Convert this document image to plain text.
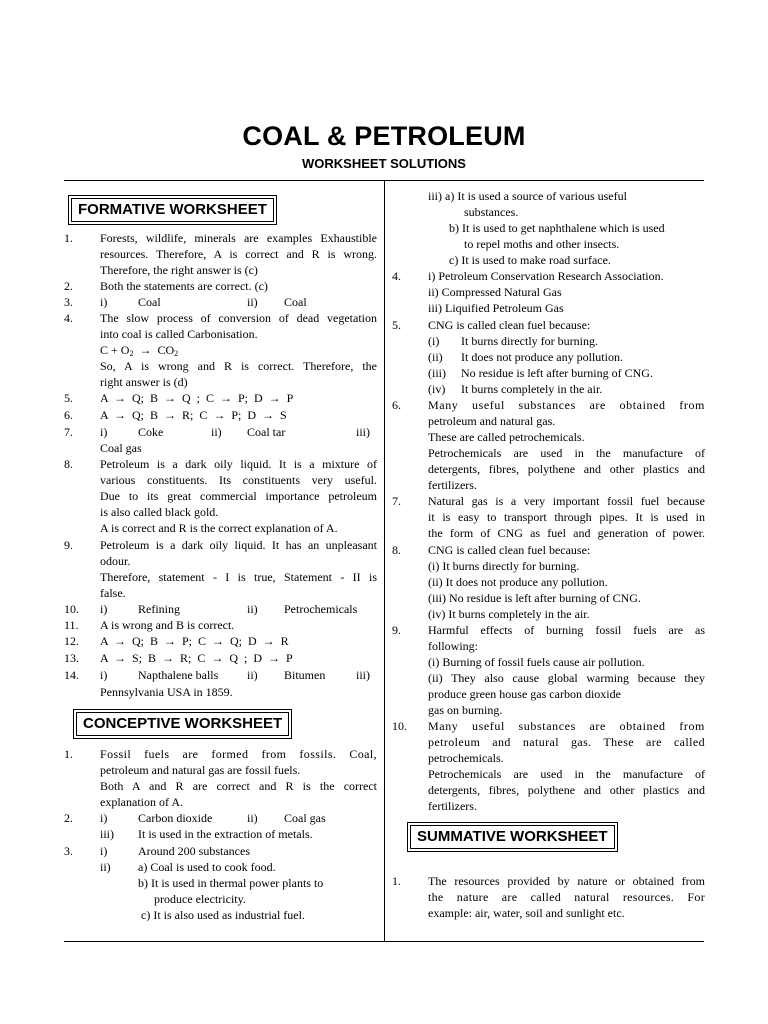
COAL & PETROLEUM
WORKSHEET SOLUTIONS
FORMATIVE WORKSHEET
1. Forests, wildlife, minerals are examples Exhaustible
resources. Therefore, A is correct and R is wrong.
Therefore, the right answer is (c)
2. Both the statements are correct. (c)
3. i)	Coal	ii) Coal
4. The slow process of conversion of dead vegetation
into coal is called Carbonisation.
$C + O_2 \to CO_2$
So, A is wrong and R is correct. Therefore, the
right answer is (d)
5. A → Q; B → Q ; C → P; D → P
6. A → Q; B → R; C → P; D → S
7. i)	Coke	ii) Coal tar	iii)
Coal gas
8. Petroleum is a dark oily liquid. It is a mixture of
various constituents. Its constituents very useful.
Due to its great commercial importance petroleum
is also called black gold.
A is correct and R is the correct explanation of A.
9. Petroleum is a dark oily liquid. It has an unpleasant
odour.
Therefore, statement - I is true, Statement - II is
false.
10. i)	Refining	ii) Petrochemicals
11. A is wrong and B is correct.
12. A → Q; B → P; C → Q; D → R
13. A → S; B → R; C → Q ; D → P
14. i)	Napthalene balls ii) Bitumen	iii)
Pennsylvania USA in 1859.
CONCEPTIVE WORKSHEET
1. Fossil fuels are formed from fossils. Coal,
petroleum and natural gas are fossil fuels.
Both A and R are correct and R is the correct
explanation of A.
2. i)	Carbon dioxide	ii) Coal gas
iii) It is used in the extraction of metals.
3. i)	Around 200 substances
ii) a) Coal is used to cook food.
b) It is used in thermal power plants to
produce electricity.
c) It is also used as industrial fuel.
iii) a) It is used a source of various useful
substances.
b) It is used to get naphthalene which is used
to repel moths and other insects.
c) It is used to make road surface.
4. i) Petroleum Conservation Research Association.
ii) Compressed Natural Gas
iii) Liquified Petroleum Gas
5. CNG is called clean fuel because:
(i) It burns directly for burning.
(ii) It does not produce any pollution.
(iii) No residue is left after burning of CNG.
(iv) It burns completely in the air.
6. Many useful substances are obtained from
petroleum and natural gas.
These are called petrochemicals.
Petrochemicals are used in the manufacture of
detergents, fibres, polythene and other plastics and
fertilizers.
7. Natural gas is a very important fossil fuel because
it is easy to transport through pipes. It is used in
the form of CNG as fuel and generation of power.
8. CNG is called clean fuel because:
(i) It burns directly for burning.
(ii) It does not produce any pollution.
(iii) No residue is left after burning of CNG.
(iv) It burns completely in the air.
9. Harmful effects of burning fossil fuels are as
following:
(i) Burning of fossil fuels cause air pollution.
(ii) They also cause global warming because they
produce green house gas carbon dioxide
gas on burning.
10. Many useful substances are obtained from
petroleum and natural gas. These are called
petrochemicals.
Petrochemicals are used in the manufacture of
detergents, fibres, polythene and other plastics and
fertilizers.
SUMMATIVE WORKSHEET
1. The resources provided by nature or obtained from
the nature are called natural resources. For
example: air, water, soil and sunlight etc.
